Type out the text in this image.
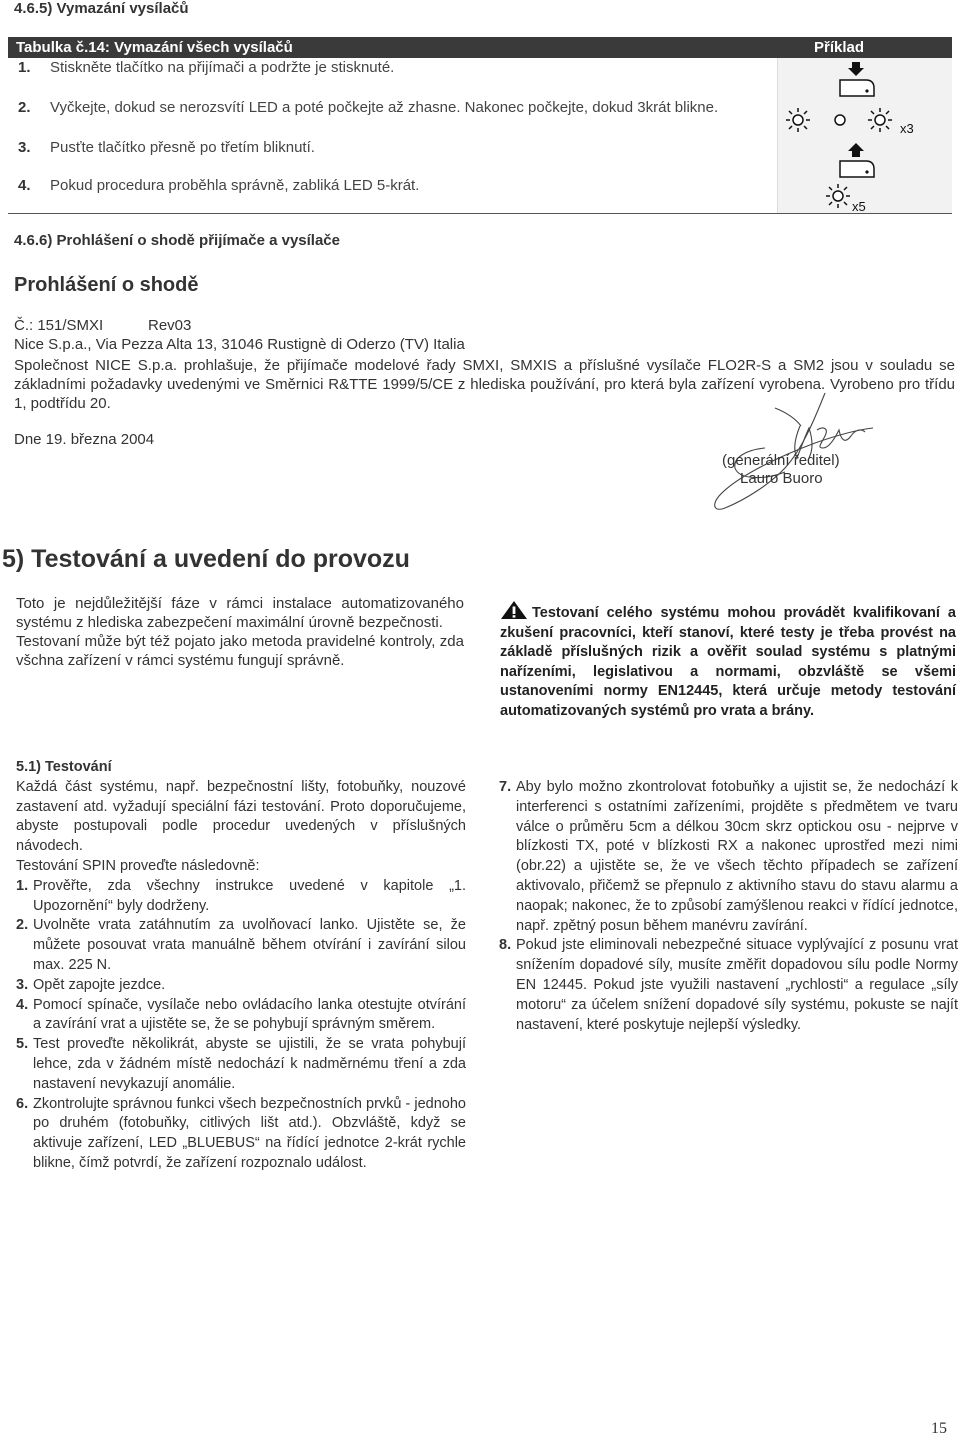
4.6.5) Vymazání vysílačů
Tabulka č.14: Vymazání všech vysílačů	Příklad
1. Stiskněte tlačítko na přijímači a podržte je stisknuté.
2. Vyčkejte, dokud se nerozsvítí LED a poté počkejte až zhasne. Nakonec počkejte, dokud 3krát blikne.
3. Pusťte tlačítko přesně po třetím bliknutí.
4. Pokud procedura proběhla správně, zabliká LED 5-krát.
x3
x5
4.6.6) Prohlášení o shodě přijímače a vysílače
Prohlášení o shodě
Č.: 151/SMXI	Rev03
Nice S.p.a., Via Pezza Alta 13, 31046 Rustignè di Oderzo (TV) Italia
Společnost NICE S.p.a. prohlašuje, že přijímače modelové řady SMXI, SMXIS a příslušné vysílače FLO2R-S a SM2 jsou v souladu se základními požadavky uvedenými ve Směrnici R&TTE 1999/5/CE z hlediska používání, pro která byla zařízení vyrobena. Vyrobeno pro třídu 1, podtřídu 20.
Dne 19. března 2004
(generální ředitel)
Lauro Buoro
5) Testování a uvedení do provozu

Toto je nejdůležitější fáze v rámci instalace automatizovaného systému z hlediska zabezpečení maximální úrovně bezpečnosti.

Testovaní může být též pojato jako metoda pravidelné kontroly, zda všchna zařízení v rámci systému fungují správně.

Testovaní celého systému mohou provádět kvalifikovaní a zkušení pracovníci, kteří stanoví, které testy je třeba provést na základě příslušných rizik a ověřit soulad systému s platnými nařízeními, legislativou a normami, obzvláště se všemi ustanoveními normy EN12445, která určuje metody testování automatizovaných systémů pro vrata a brány.
5.1) Testování

Každá část systému, např. bezpečnostní lišty, fotobuňky, nouzové zastavení atd. vyžadují speciální fázi testování. Proto doporučujeme, abyste postupovali podle procedur uvedených v příslušných návodech.

Testování SPIN proveďte následovně:

1. Prověřte, zda všechny instrukce uvedené v kapitole „1. Upozornění“ byly dodrženy.
2. Uvolněte vrata zatáhnutím za uvolňovací lanko. Ujistěte se, že můžete posouvat vrata manuálně během otvírání i zavírání silou max. 225 N.
3. Opět zapojte jezdce.
4. Pomocí spínače, vysílače nebo ovládacího lanka otestujte otvírání a zavírání vrat a ujistěte se, že se pohybují správným směrem.
5. Test proveďte několikrát, abyste se ujistili, že se vrata pohybují lehce, zda v žádném místě nedochází k nadměrnému tření a zda nastavení nevykazují anomálie.
6. Zkontrolujte správnou funkci všech bezpečnostních prvků - jednoho po druhém (fotobuňky, citlivých lišt atd.). Obzvláště, když se aktivuje zařízení, LED „BLUEBUS“ na řídící jednotce 2-krát rychle blikne, čímž potvrdí, že zařízení rozpoznalo událost.
7. Aby bylo možno zkontrolovat fotobuňky a ujistit se, že nedochází k interferenci s ostatními zařízeními, projděte s předmětem ve tvaru válce o průměru 5cm a délkou 30cm skrz optickou osu - nejprve v blízkosti TX, poté v blízkosti RX a nakonec uprostřed mezi nimi (obr.22) a ujistěte se, že ve všech těchto případech se zařízení aktivovalo, přičemž se přepnulo z aktivního stavu do stavu alarmu a naopak; nakonec, že to způsobí zamýšlenou reakci v řídící jednotce, např. zpětný posun během manévru zavírání.
8. Pokud jste eliminovali nebezpečné situace vyplývající z posunu vrat snížením dopadové síly, musíte změřit dopadovou sílu podle Normy EN 12445. Pokud jste využili nastavení „rychlosti“ a regulace „síly motoru“ za účelem snížení dopadové síly systému, pokuste se najít nastavení, které poskytuje nejlepší výsledky.
15
